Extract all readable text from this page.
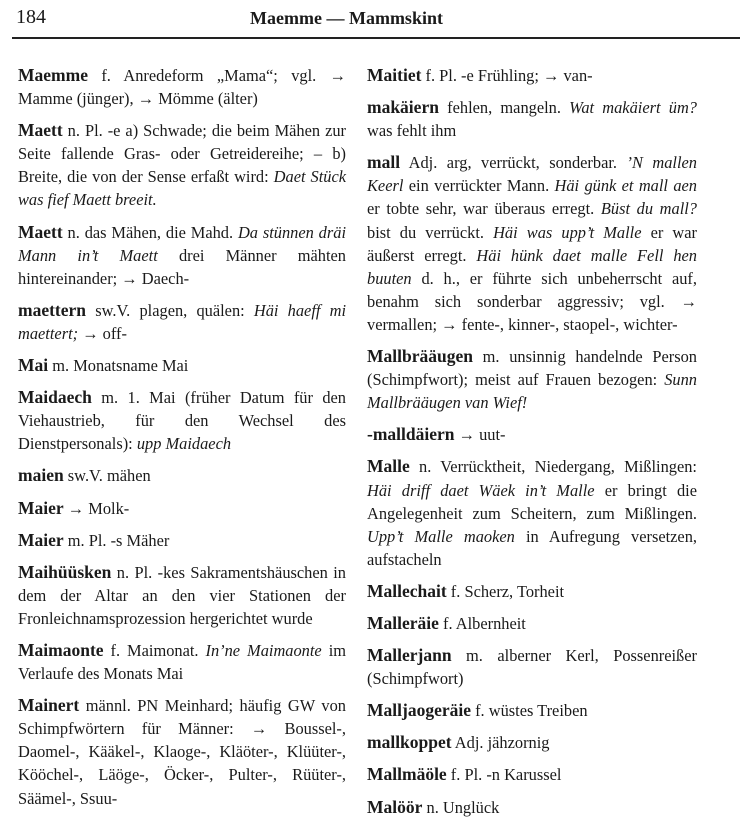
184	Maemme — Mammskint
Maemme f. Anredeform „Mama“; vgl. → Mamme (jünger), → Mömme (älter)
Maett n. Pl. -e a) Schwade; die beim Mähen zur Seite fallende Gras- oder Getreidereihe; – b) Breite, die von der Sense erfaßt wird: Daet Stück was fief Maett breeit.
Maett n. das Mähen, die Mahd. Da stünnen dräi Mann in’t Maett drei Männer mähten hintereinander; → Daech-
maettern sw.V. plagen, quälen: Häi haeff mi maettert; → off-
Mai m. Monatsname Mai
Maidaech m. 1. Mai (früher Datum für den Viehaustrieb, für den Wechsel des Dienstpersonals): upp Maidaech
maien sw.V. mähen
Maier → Molk-
Maier m. Pl. -s Mäher
Maihüüsken n. Pl. -kes Sakramentshäuschen in dem der Altar an den vier Stationen der Fronleichnamsprozession hergerichtet wurde
Maimaonte f. Maimonat. In’ne Maimaonte im Verlaufe des Monats Mai
Mainert männl. PN Meinhard; häufig GW von Schimpfwörtern für Männer: → Boussel-, Daomel-, Kääkel-, Klaoge-, Kläöter-, Klüüter-, Kööchel-, Läöge-, Öcker-, Pulter-, Rüüter-, Säämel-, Ssuu-
Maitiet f. Pl. -e Frühling; → van-
makäiern fehlen, mangeln. Wat makäiert üm? was fehlt ihm
mall Adj. arg, verrückt, sonderbar. ’N mallen Keerl ein verrückter Mann. Häi günk et mall aen er tobte sehr, war überaus erregt. Büst du mall? bist du verrückt. Häi was upp’t Malle er war äußerst erregt. Häi hünk daet malle Fell hen buuten d. h., er führte sich unbeherrscht auf, benahm sich sonderbar aggressiv; vgl. → vermallen; → fente-, kinner-, staopel-, wichter-
Mallbrääugen m. unsinnig handelnde Person (Schimpfwort); meist auf Frauen bezogen: Sunn Mallbrääugen van Wief!
-malldäiern → uut-
Malle n. Verrücktheit, Niedergang, Mißlingen: Häi driff daet Wäek in’t Malle er bringt die Angelegenheit zum Scheitern, zum Mißlingen. Upp’t Malle maoken in Aufregung versetzen, aufstacheln
Mallechait f. Scherz, Torheit
Malleräie f. Albernheit
Mallerjann m. alberner Kerl, Possenreißer (Schimpfwort)
Malljaogeräie f. wüstes Treiben
mallkoppet Adj. jähzornig
Mallmäöle f. Pl. -n Karussel
Malöör n. Unglück
